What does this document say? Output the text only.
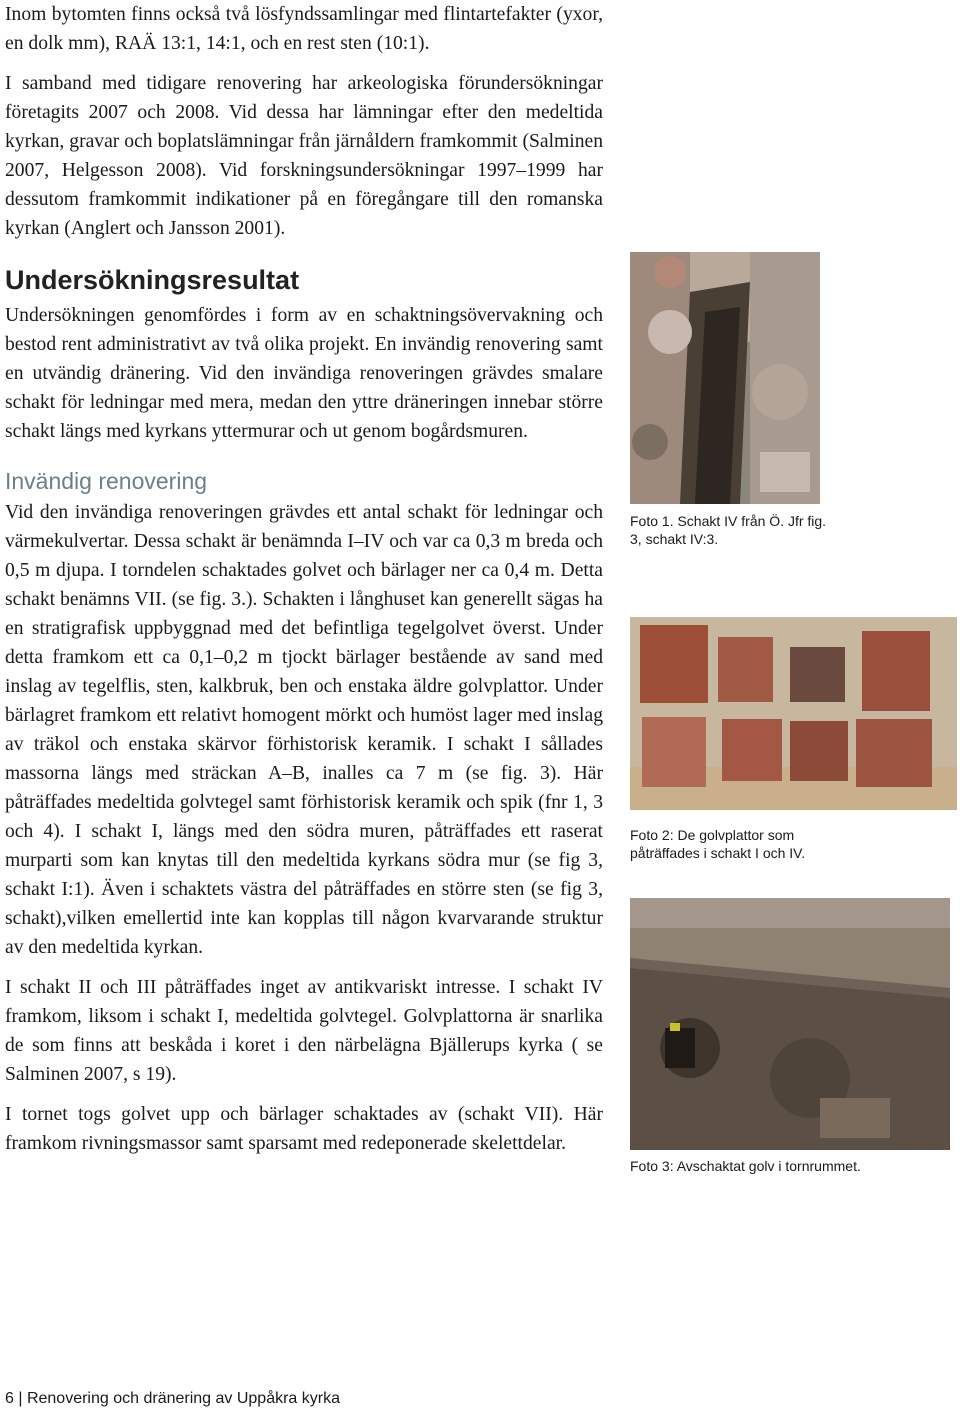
Inom bytomten finns också två lösfyndssamlingar med flintartefakter (yxor, en dolk mm), RAÄ 13:1, 14:1, och en rest sten (10:1).

I samband med tidigare renovering har arkeologiska förundersökningar företagits 2007 och 2008. Vid dessa har lämningar efter den medeltida kyrkan, gravar och boplatslämningar från järnåldern framkommit (Salminen 2007, Helgesson 2008). Vid forskningsundersökningar 1997–1999 har dessutom framkommit indikationer på en föregångare till den romanska kyrkan (Anglert och Jansson 2001).

Undersökningsresultat

Undersökningen genomfördes i form av en schaktningsövervakning och bestod rent administrativt av två olika projekt. En invändig renovering samt en utvändig dränering. Vid den invändiga renoveringen grävdes smalare schakt för ledningar med mera, medan den yttre dräneringen innebar större schakt längs med kyrkans yttermurar och ut genom bogårdsmuren.

Invändig renovering

Vid den invändiga renoveringen grävdes ett antal schakt för ledningar och värmekulvertar. Dessa schakt är benämnda I–IV och var ca 0,3 m breda och 0,5 m djupa. I torndelen schaktades golvet och bärlager ner ca 0,4 m. Detta schakt benämns VII. (se fig. 3.). Schakten i långhuset kan generellt sägas ha en stratigrafisk uppbyggnad med det befintliga tegelgolvet överst. Under detta framkom ett ca 0,1–0,2 m tjockt bärlager bestående av sand med inslag av tegelflis, sten, kalkbruk, ben och enstaka äldre golvplattor. Under bärlagret framkom ett relativt homogent mörkt och humöst lager med inslag av träkol och enstaka skärvor förhistorisk keramik. I schakt I sållades massorna längs med sträckan A–B, inalles ca 7 m (se fig. 3). Här påträffades medeltida golvtegel samt förhistorisk keramik och spik (fnr 1, 3 och 4). I schakt I, längs med den södra muren, påträffades ett raserat murparti som kan knytas till den medeltida kyrkans södra mur (se fig 3, schakt I:1). Även i schaktets västra del påträffades en större sten (se fig 3, schakt),vilken emellertid inte kan kopplas till någon kvarvarande struktur av den medeltida kyrkan.

I schakt II och III påträffades inget av antikvariskt intresse. I schakt IV framkom, liksom i schakt I, medeltida golvtegel. Golvplattorna är snarlika de som finns att beskåda i koret i den närbelägna Bjällerups kyrka ( se Salminen 2007, s 19).

I tornet togs golvet upp och bärlager schaktades av (schakt VII). Här framkom rivningsmassor samt sparsamt med redeponerade skelettdelar.

Foto 1. Schakt IV från Ö. Jfr fig. 3, schakt IV:3.
Foto 2: De golvplattor som påträffades i schakt I och IV.
Foto 3: Avschaktat golv i tornrummet.
6 | Renovering och dränering av Uppåkra kyrka
